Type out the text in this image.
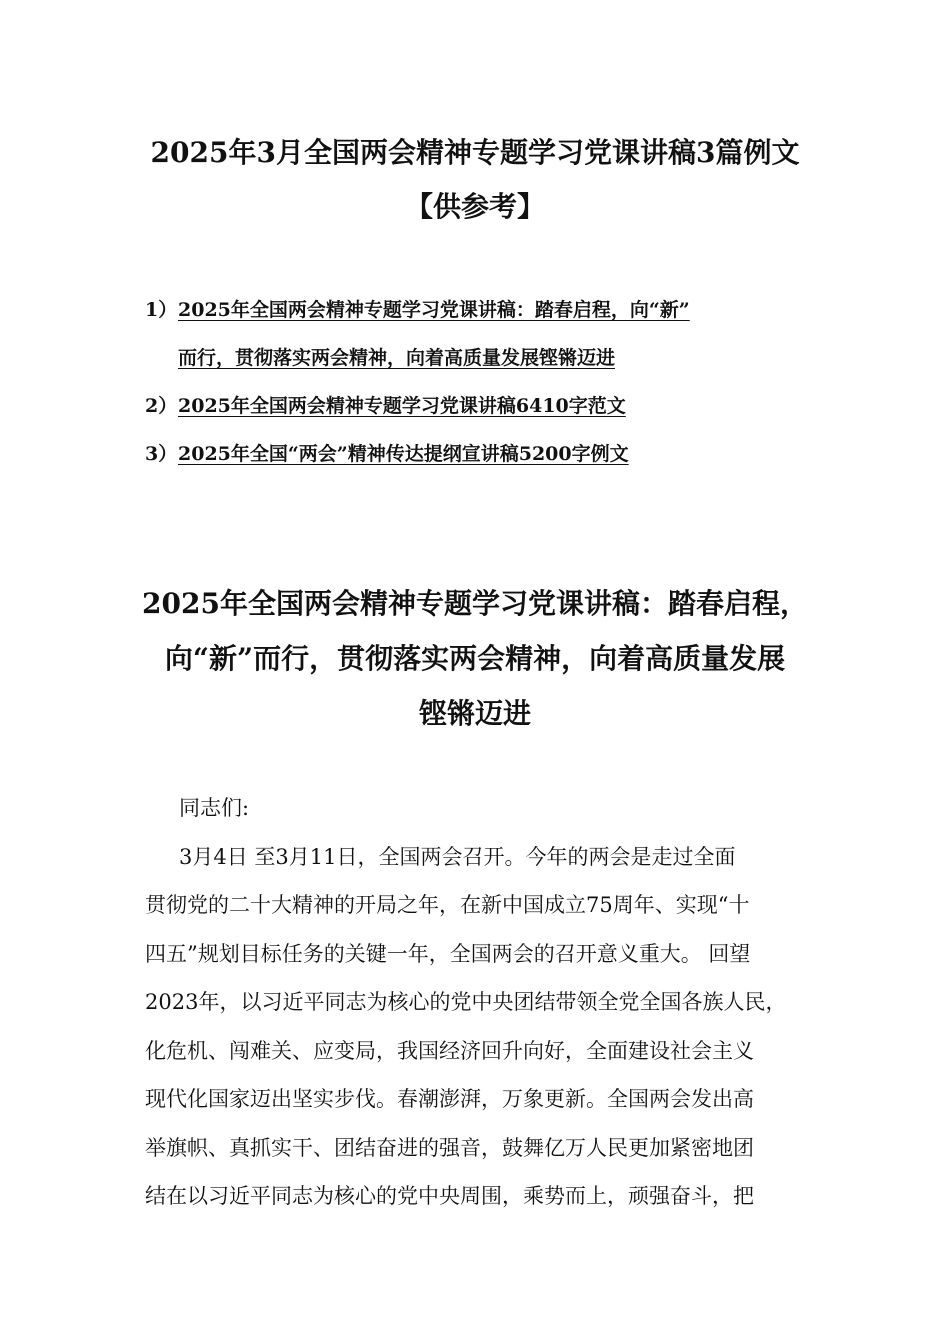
2025年3月全国两会精神专题学习党课讲稿3篇例文
【供参考】
1） 2025年全国两会精神专题学习党课讲稿：踏春启程，向“新”
而行，贯彻落实两会精神，向着高质量发展铿锵迈进
2） 2025年全国两会精神专题学习党课讲稿6410字范文
3） 2025年全国“两会”精神传达提纲宣讲稿5200字例文
2025年全国两会精神专题学习党课讲稿：踏春启程，
向“新”而行，贯彻落实两会精神，向着高质量发展
铿锵迈进
同志们:
3月4日 至3月11日，全国两会召开。今年的两会是走过全面
贯彻党的二十大精神的开局之年，在新中国成立75周年、实现“十
四五”规划目标任务的关键一年，全国两会的召开意义重大。 回望
2023年，以习近平同志为核心的党中央团结带领全党全国各族人民，
化危机、闯难关、应变局，我国经济回升向好，全面建设社会主义
现代化国家迈出坚实步伐。春潮澎湃，万象更新。全国两会发出高
举旗帜、真抓实干、团结奋进的强音，鼓舞亿万人民更加紧密地团
结在以习近平同志为核心的党中央周围，乘势而上，顽强奋斗，把
